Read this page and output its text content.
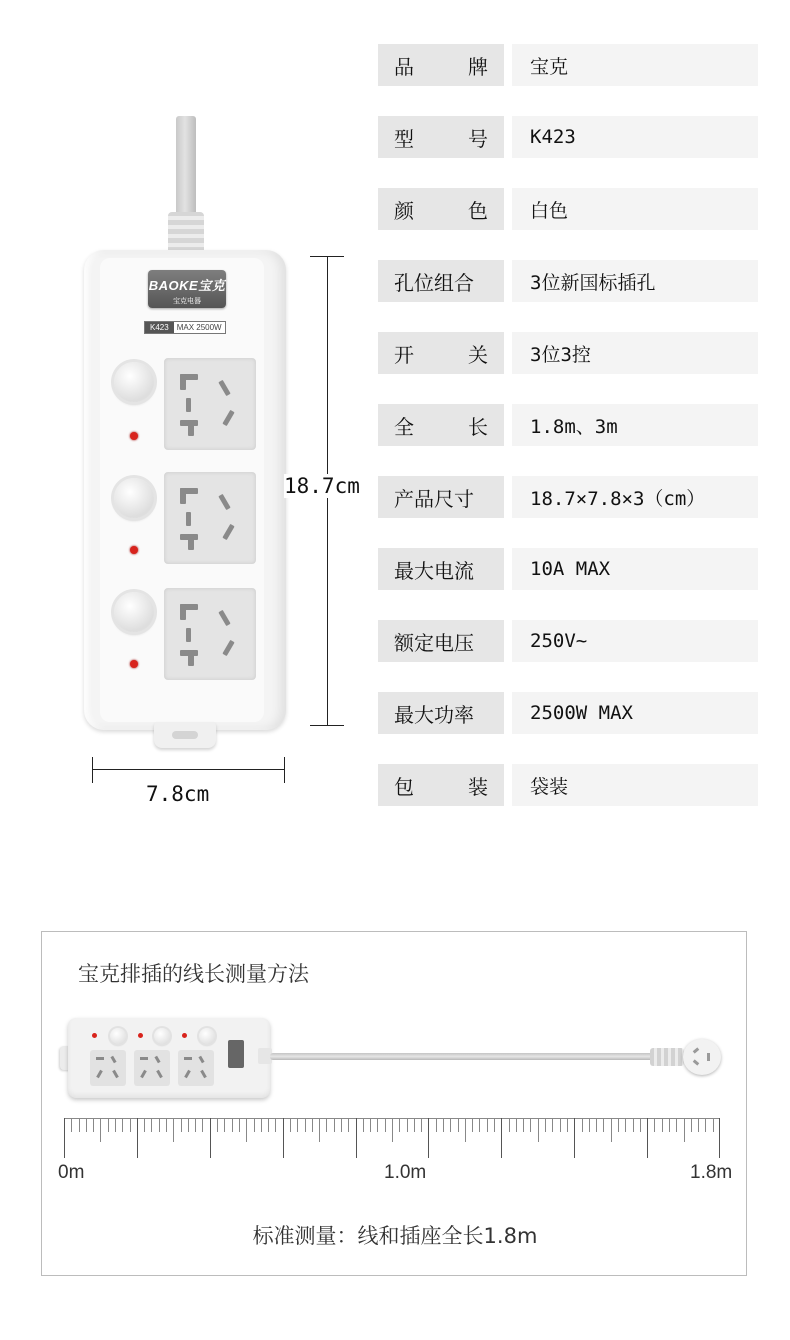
BAOKE宝克
宝克电器
K423	MAX 2500W
18.7cm
7.8cm
品	牌	宝克
型	号	K423
颜	色	白色
孔位组合	3位新国标插孔
开	关	3位3控
全	长	1.8m、3m
产品尺寸	18.7×7.8×3（cm）
最大电流	10A MAX
额定电压	250V~
最大功率	2500W MAX
包	装	袋装
宝克排插的线长测量方法
0m	1.0m	1.8m
标准测量：线和插座全长1.8m
